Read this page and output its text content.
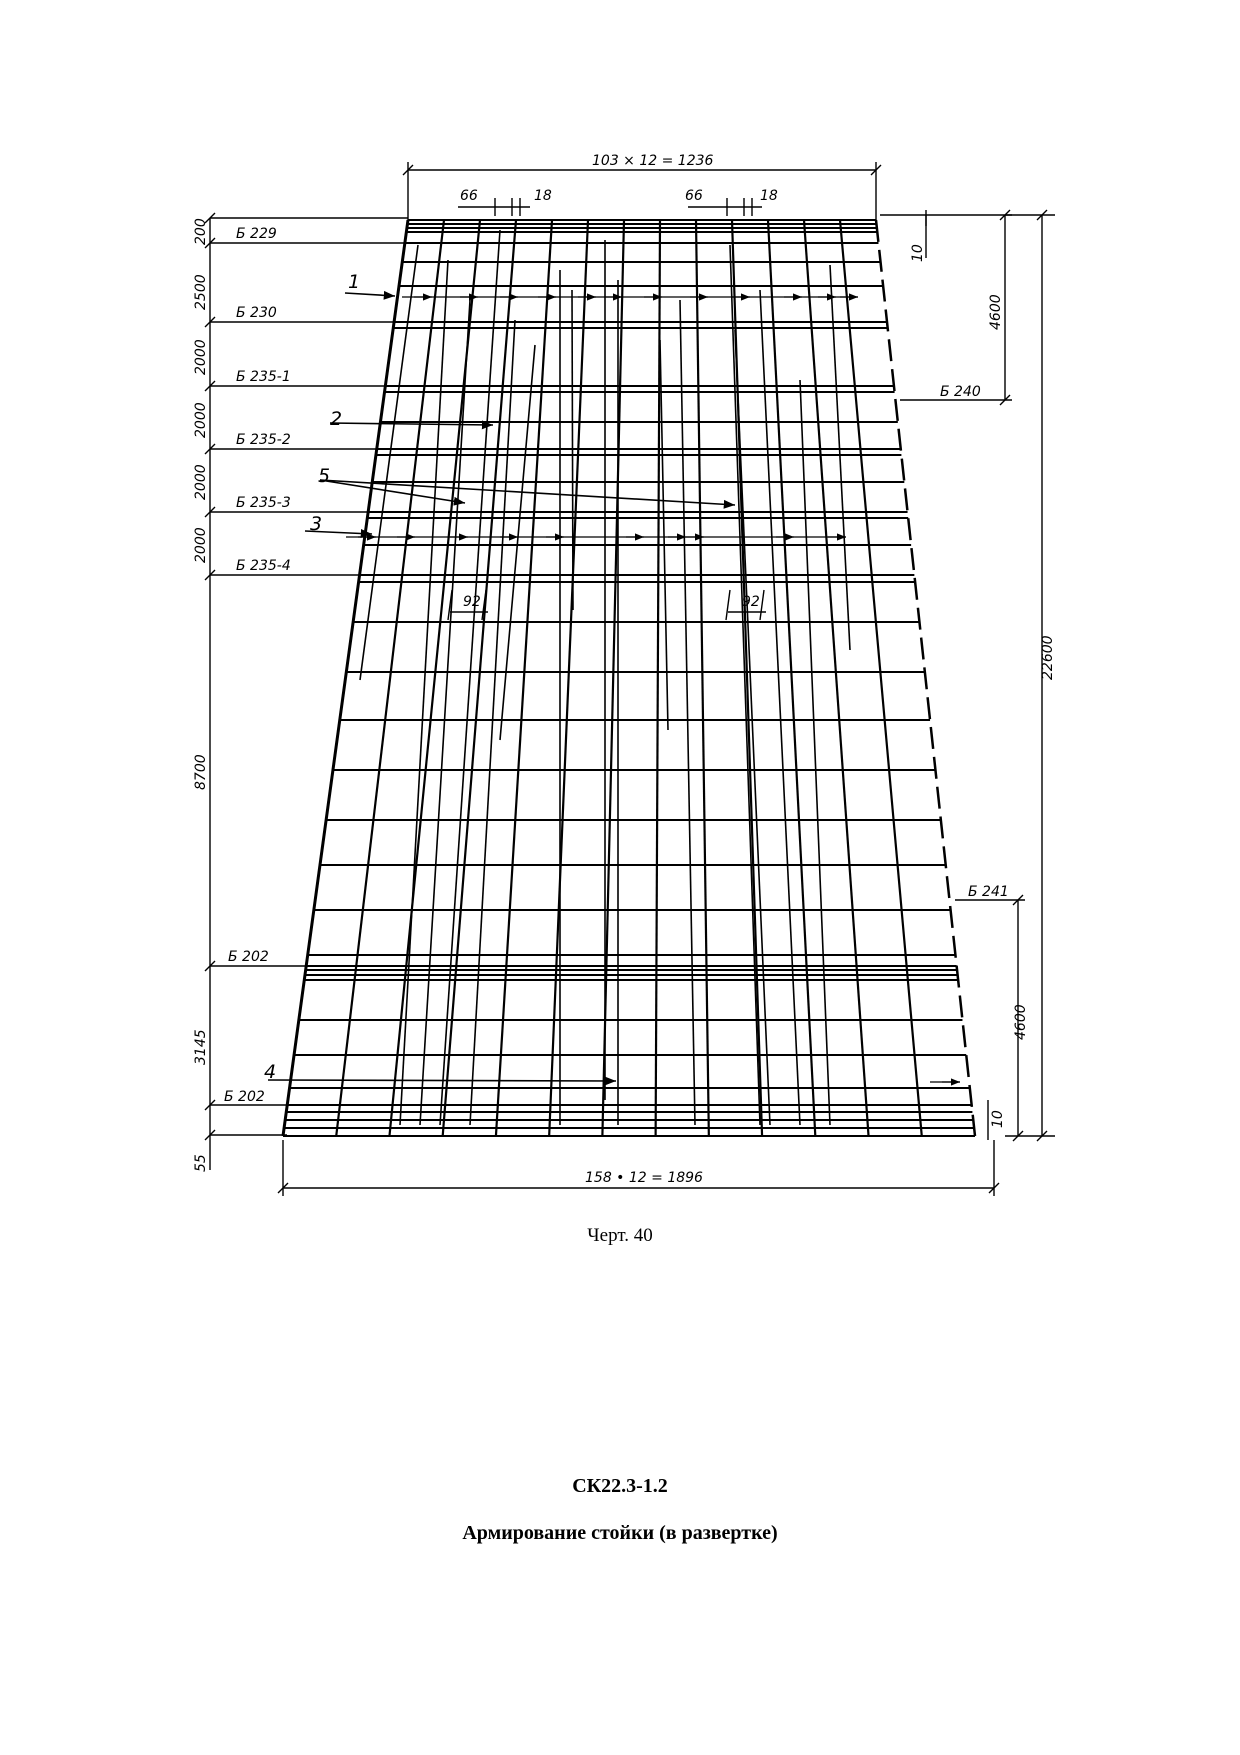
103 × 12 = 1236
66	18	66	18
158 • 12 = 1896
92	92
200
2500
2000
2000
2000
2000
8700
3145
55
4600
22600
4600
10
10
Б 229
Б 230
Б 235-1
Б 235-2
Б 235-3
Б 235-4
Б 202
Б 202
Б 240
Б 241
1
2
3
4
5
Черт. 40
СК22.3-1.2
Армирование стойки (в развертке)
